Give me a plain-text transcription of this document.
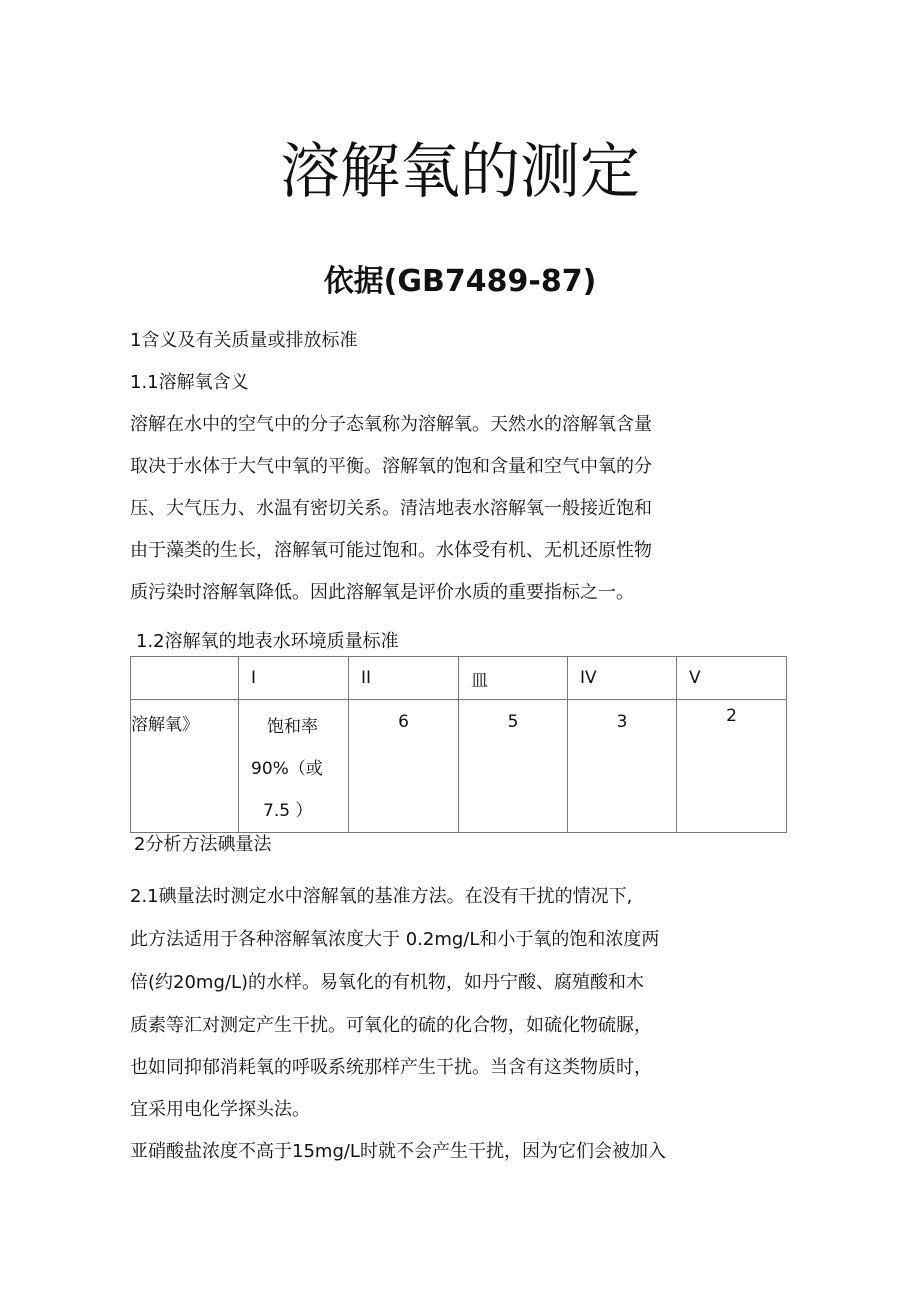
溶解氧的测定
依据(GB7489-87)

1含义及有关质量或排放标准

1.1溶解氧含义

溶解在水中的空气中的分子态氧称为溶解氧。天然水的溶解氧含量

取决于水体于大气中氧的平衡。溶解氧的饱和含量和空气中氧的分

压、大气压力、水温有密切关系。清洁地表水溶解氧一般接近饱和

由于藻类的生长，溶解氧可能过饱和。水体受有机、无机还原性物

质污染时溶解氧降低。因此溶解氧是评价水质的重要指标之一。

1.2溶解氧的地表水环境质量标准

	I	II	皿	IV	V

溶解氧》	饱和率
90%（或
7.5 ）	6	5	3	2

2分析方法碘量法

2.1碘量法时测定水中溶解氧的基准方法。在没有干扰的情况下,

此方法适用于各种溶解氧浓度大于 0.2mg/L和小于氧的饱和浓度两

倍(约20mg/L)的水样。易氧化的有机物，如丹宁酸、腐殖酸和木

质素等汇对测定产生干扰。可氧化的硫的化合物，如硫化物硫脲，

也如同抑郁消耗氧的呼吸系统那样产生干扰。当含有这类物质时，

宜采用电化学探头法。

亚硝酸盐浓度不高于15mg/L时就不会产生干扰，因为它们会被加入
